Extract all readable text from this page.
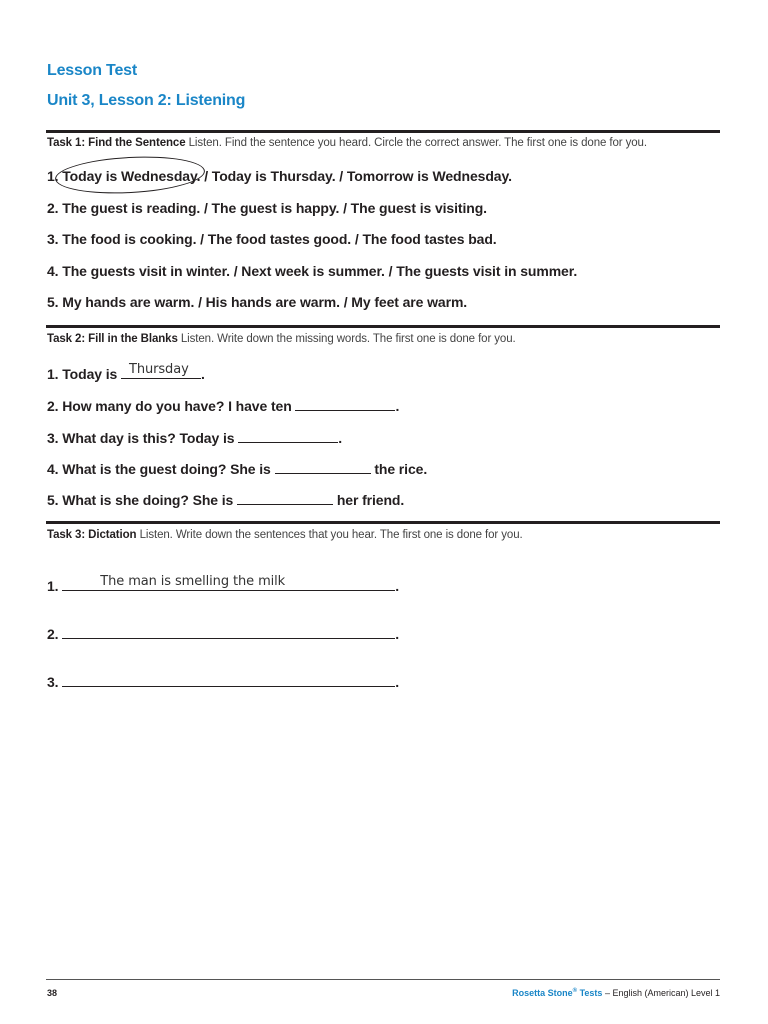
Lesson Test
Unit 3, Lesson 2: Listening
Task 1: Find the Sentence Listen. Find the sentence you heard. Circle the correct answer. The first one is done for you.
1. Today is Wednesday. / Today is Thursday. / Tomorrow is Wednesday.
2. The guest is reading. / The guest is happy. / The guest is visiting.
3. The food is cooking. / The food tastes good. / The food tastes bad.
4. The guests visit in winter. / Next week is summer. / The guests visit in summer.
5. My hands are warm. / His hands are warm. / My feet are warm.
Task 2: Fill in the Blanks Listen. Write down the missing words. The first one is done for you.
1. Today is Thursday .
2. How many do you have? I have ten	.
3. What day is this? Today is	.
4. What is the guest doing? She is	the rice.
5. What is she doing? She is	her friend.
Task 3: Dictation Listen. Write down the sentences that you hear. The first one is done for you.
1.	The man is smelling the milk	.
2.	.
3.	.
38	Rosetta Stone® Tests – English (American) Level 1
